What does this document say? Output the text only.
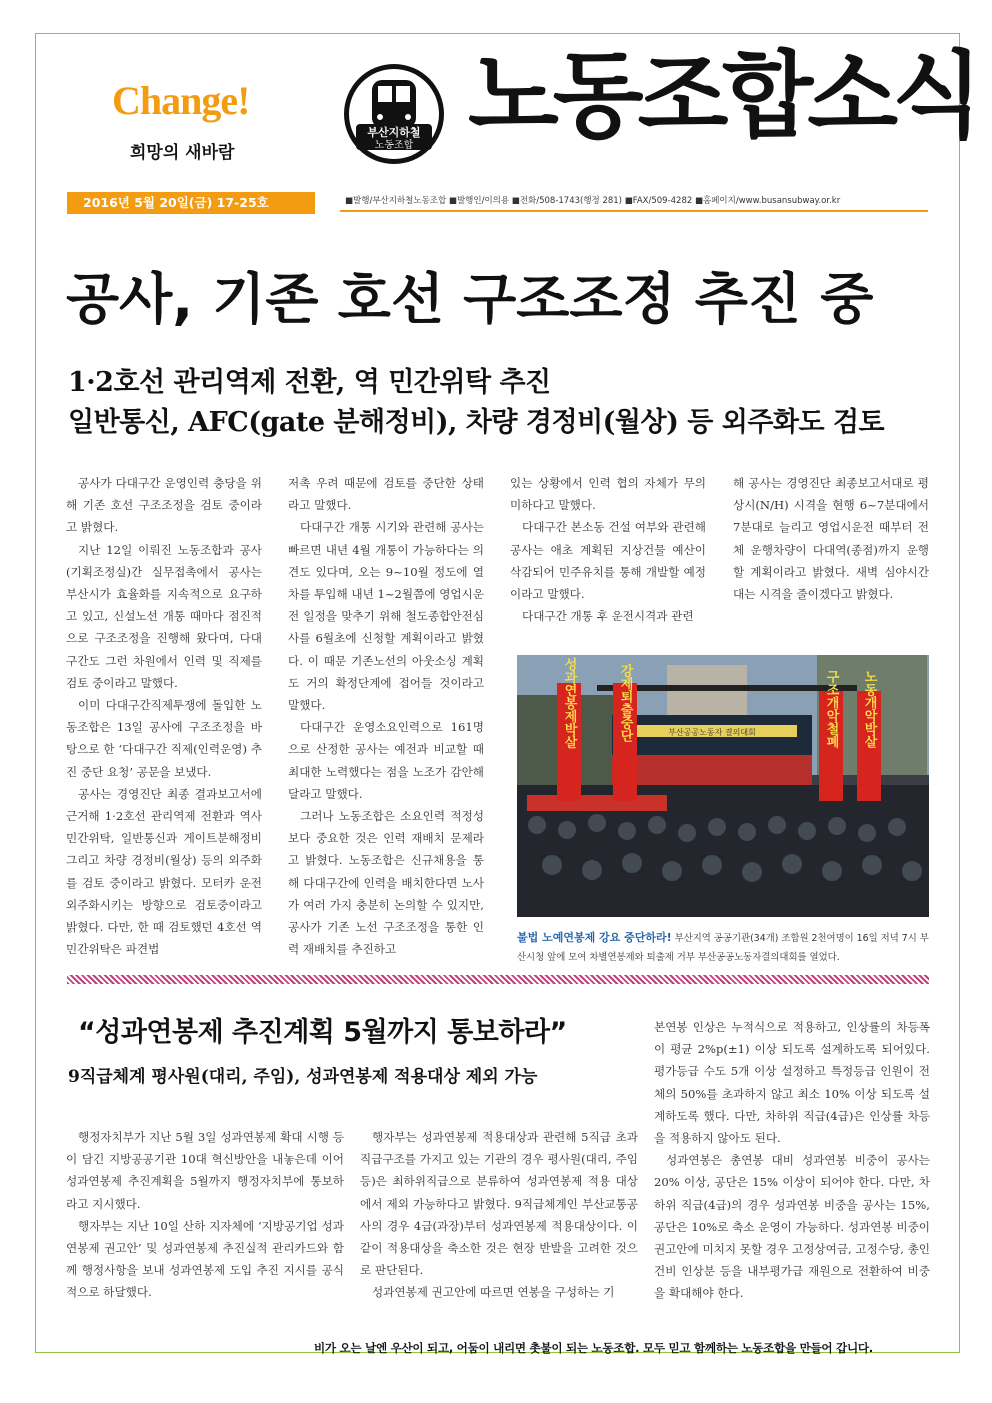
Change!
희망의 새바람
부산지하철
노동조합 노동조합소식
2016년 5월 20일(금) 17-25호	■발행/부산지하철노동조합 ■발행인/이의용 ■전화/508-1743(행정 281) ■FAX/509-4282 ■홈페이지/www.busansubway.or.kr
공사, 기존 호선 구조조정 추진 중
1·2호선 관리역제 전환, 역 민간위탁 추진
일반통신, AFC(gate 분해정비), 차량 경정비(월상) 등 외주화도 검토

공사가 다대구간 운영인력 충당을 위해 기존 호선 구조조정을 검토 중이라고 밝혔다.

지난 12일 이뤄진 노동조합과 공사(기획조정실)간 실무접촉에서 공사는 부산시가 효율화를 지속적으로 요구하고 있고, 신설노선 개통 때마다 점진적으로 구조조정을 진행해 왔다며, 다대구간도 그런 차원에서 인력 및 직제를 검토 중이라고 말했다.

이미 다대구간직제투쟁에 돌입한 노동조합은 13일 공사에 구조조정을 바탕으로 한 ‘다대구간 직제(인력운영) 추진 중단 요청’ 공문을 보냈다.

공사는 경영진단 최종 결과보고서에 근거해 1·2호선 관리역제 전환과 역사 민간위탁, 일반통신과 게이트분해정비 그리고 차량 경정비(월상) 등의 외주화를 검토 중이라고 밝혔다. 모터카 운전 외주화시키는 방향으로 검토중이라고 밝혔다. 다만, 한 때 검토했던 4호선 역 민간위탁은 파견법

저촉 우려 때문에 검토를 중단한 상태라고 말했다.

다대구간 개통 시기와 관련해 공사는 빠르면 내년 4월 개통이 가능하다는 의견도 있다며, 오는 9~10월 정도에 열차를 투입해 내년 1~2월쯤에 영업시운전 일정을 맞추기 위해 철도종합안전심사를 6월초에 신청할 계획이라고 밝혔다. 이 때문 기존노선의 아웃소싱 계획도 거의 확정단계에 접어들 것이라고 말했다.

다대구간 운영소요인력으로 161명으로 산정한 공사는 예전과 비교할 때 최대한 노력했다는 점을 노조가 감안해 달라고 말했다.

그러나 노동조합은 소요인력 적정성보다 중요한 것은 인력 재배치 문제라고 밝혔다. 노동조합은 신규채용을 통해 다대구간에 인력을 배치한다면 노사가 여러 가지 충분히 논의할 수 있지만, 공사가 기존 노선 구조조정을 통한 인력 재배치를 추진하고

있는 상황에서 인력 협의 자체가 무의미하다고 말했다.

다대구간 본소동 건설 여부와 관련해 공사는 애초 계획된 지상건물 예산이 삭감되어 민주유치를 통해 개발할 예정이라고 말했다.

다대구간 개통 후 운전시격과 관련

해 공사는 경영진단 최종보고서대로 평상시(N/H) 시격을 현행 6~7분대에서 7분대로 늘리고 영업시운전 때부터 전체 운행차량이 다대역(종점)까지 운행할 계획이라고 밝혔다. 새벽 심야시간대는 시격을 줄이겠다고 밝혔다.

부산공공노동자 결의대회
성과연봉제박살	강제퇴출중단	구조개악철폐 노동개악박살
불법 노예연봉제 강요 중단하라! 부산지역 공공기관(34개) 조합원 2천여명이 16일 저녁 7시 부산시청 앞에 모여 차별연봉제와 퇴출제 거부 부산공공노동자결의대회를 열었다.
“성과연봉제 추진계획 5월까지 통보하라”
9직급체계 평사원(대리, 주임), 성과연봉제 적용대상 제외 가능

행정자치부가 지난 5월 3일 성과연봉제 확대 시행 등이 담긴 지방공공기관 10대 혁신방안을 내놓은데 이어 성과연봉제 추진계획을 5월까지 행정자치부에 통보하라고 지시했다.

행자부는 지난 10일 산하 지자체에 ‘지방공기업 성과연봉제 권고안’ 및 성과연봉제 추진실적 관리카드와 함께 행정사항을 보내 성과연봉제 도입 추진 지시를 공식적으로 하달했다.

행자부는 성과연봉제 적용대상과 관련해 5직급 초과 직급구조를 가지고 있는 기관의 경우 평사원(대리, 주임 등)은 최하위직급으로 분류하여 성과연봉제 적용 대상에서 제외 가능하다고 밝혔다. 9직급체계인 부산교통공사의 경우 4급(과장)부터 성과연봉제 적용대상이다. 이 같이 적용대상을 축소한 것은 현장 반발을 고려한 것으로 판단된다.

성과연봉제 권고안에 따르면 연봉을 구성하는 기

본연봉 인상은 누적식으로 적용하고, 인상률의 차등폭이 평균 2%p(±1) 이상 되도록 설계하도록 되어있다. 평가등급 수도 5개 이상 설정하고 특정등급 인원이 전체의 50%를 초과하지 않고 최소 10% 이상 되도록 설계하도록 했다. 다만, 차하위 직급(4급)은 인상률 차등을 적용하지 않아도 된다.

성과연봉은 총연봉 대비 성과연봉 비중이 공사는 20% 이상, 공단은 15% 이상이 되어야 한다. 다만, 차하위 직급(4급)의 경우 성과연봉 비중을 공사는 15%, 공단은 10%로 축소 운영이 가능하다. 성과연봉 비중이 권고안에 미치지 못할 경우 고정상여금, 고정수당, 총인건비 인상분 등을 내부평가급 재원으로 전환하여 비중을 확대해야 한다.

비가 오는 날엔 우산이 되고, 어둠이 내리면 촛불이 되는 노동조합. 모두 믿고 함께하는 노동조합을 만들어 갑니다.
